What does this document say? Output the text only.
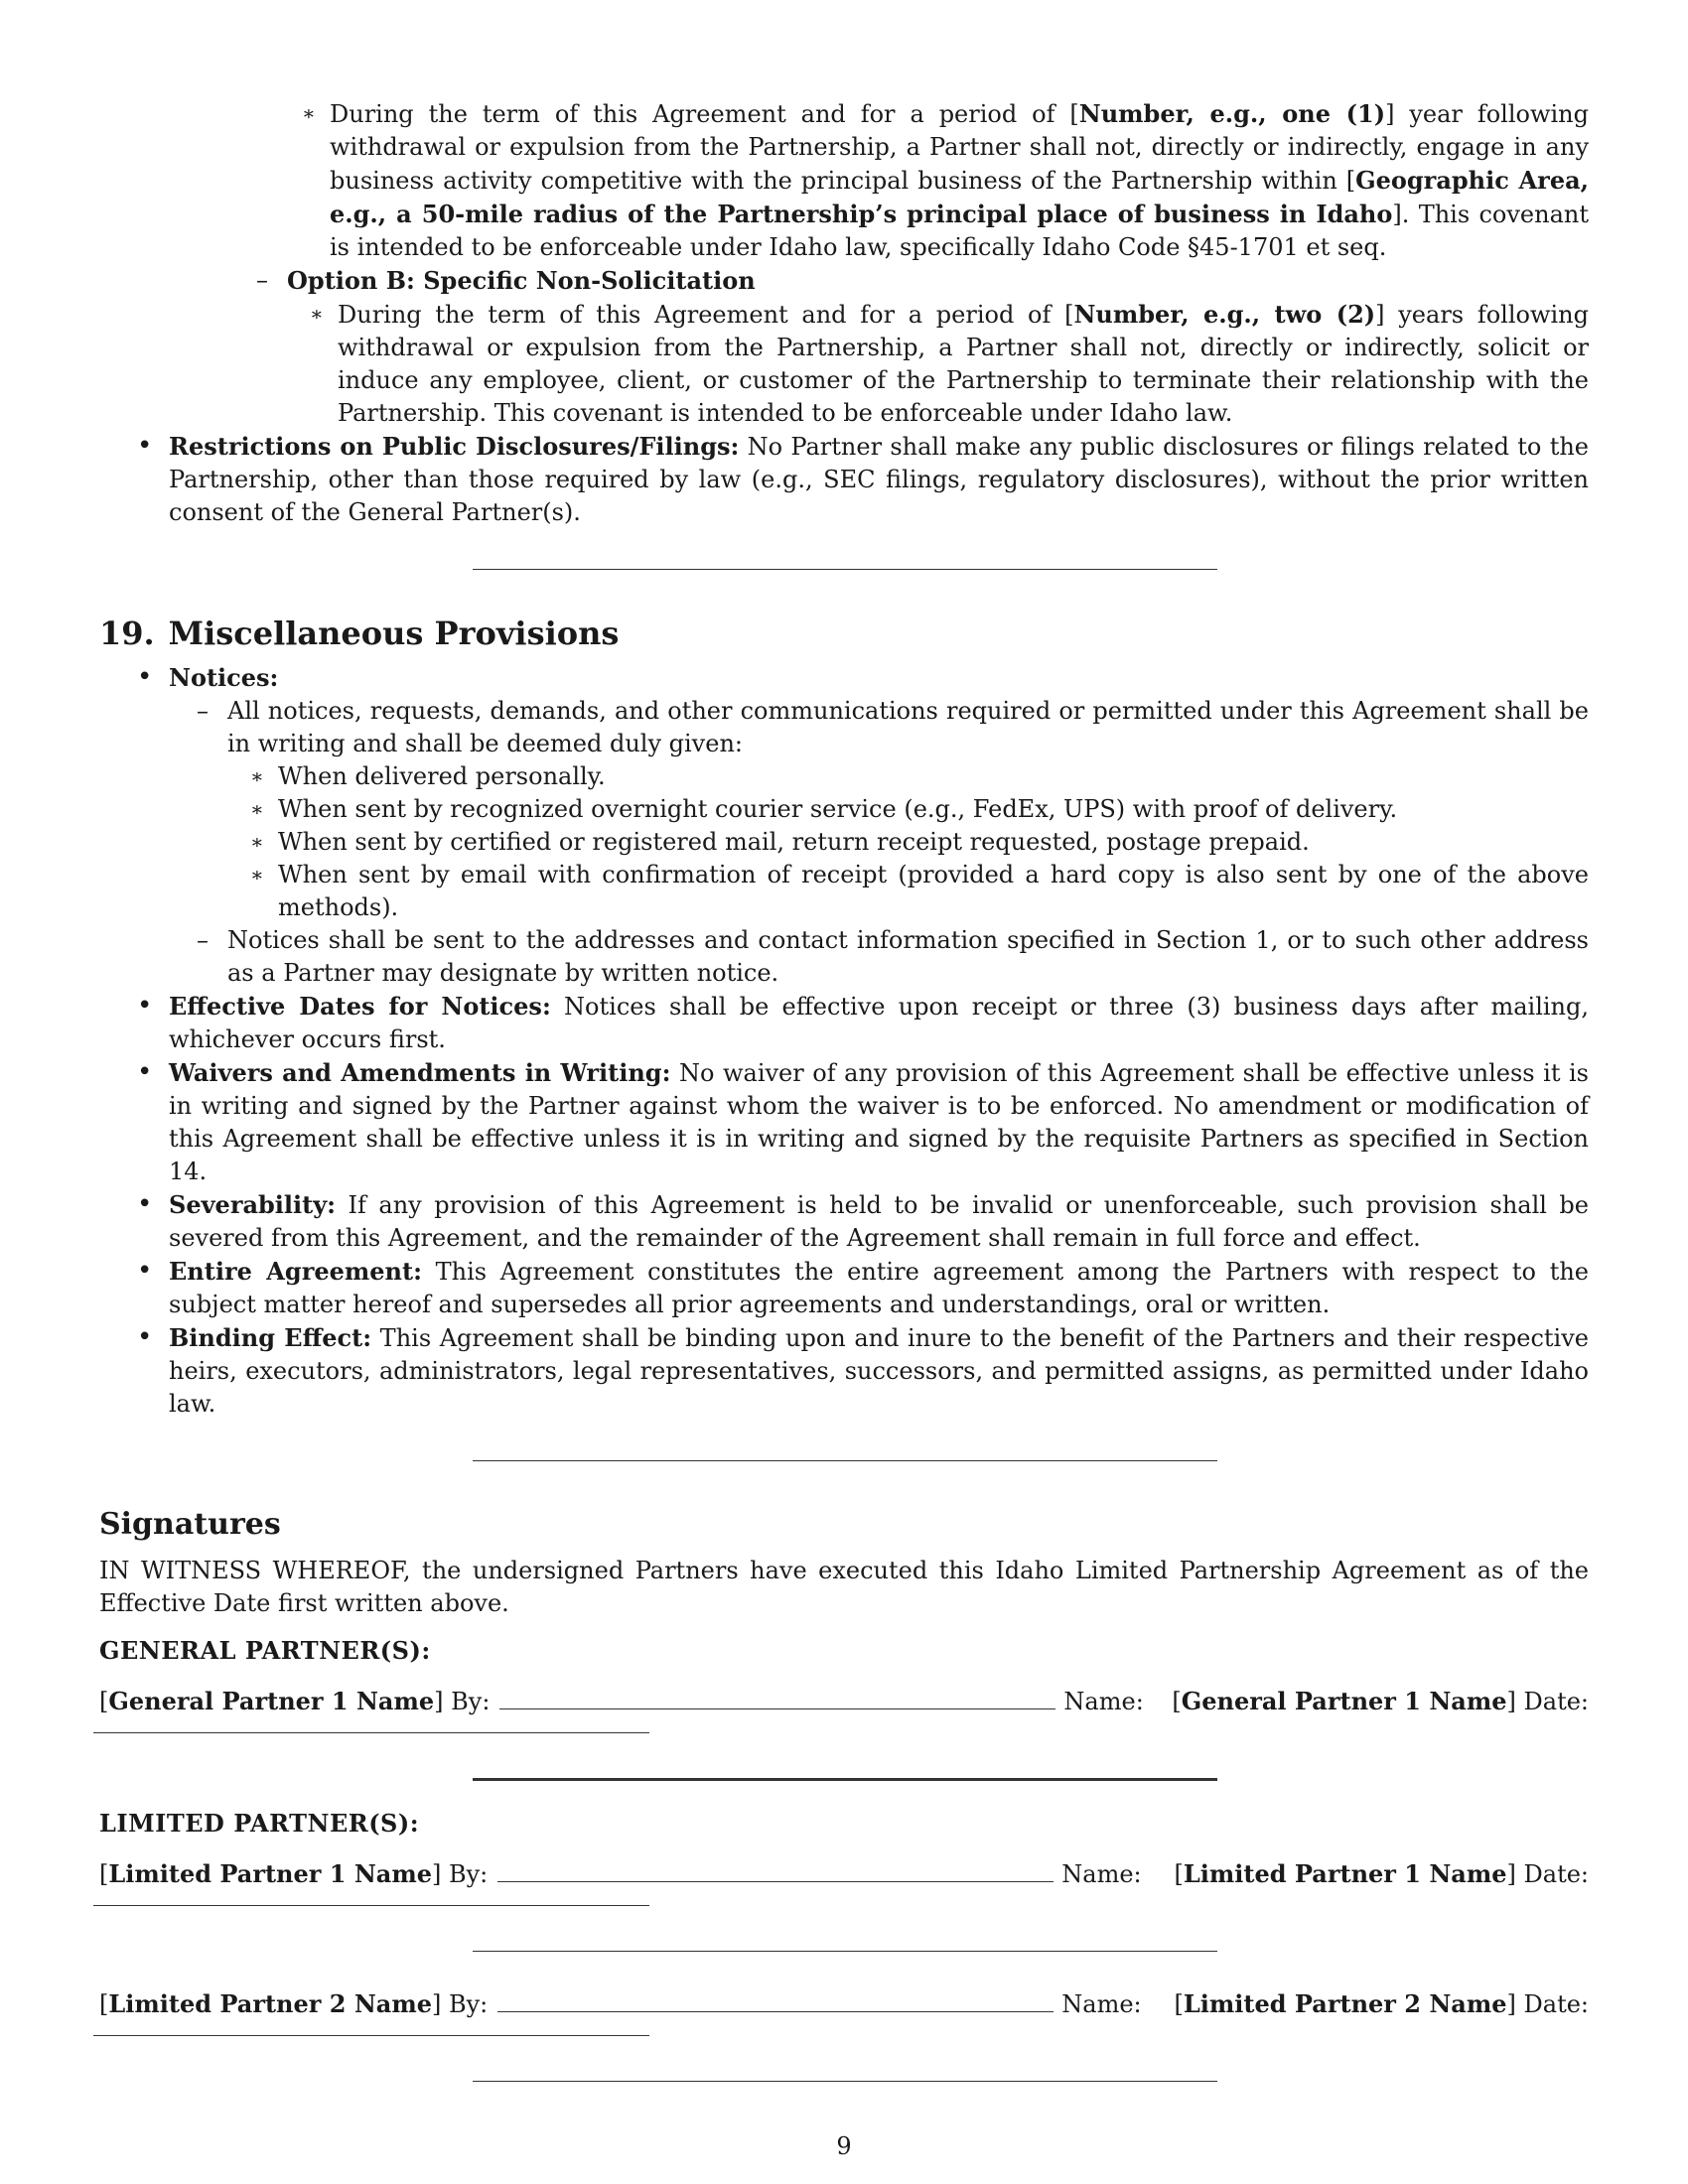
∗ During the term of this Agreement and for a period of [Number, e.g., one (1)] year following withdrawal or expulsion from the Partnership, a Partner shall not, directly or indirectly, engage in any business activity competitive with the principal business of the Partnership within [Geographic Area, e.g., a 50-mile radius of the Partnership’s principal place of business in Idaho]. This covenant is intended to be enforceable under Idaho law, specifically Idaho Code §45-1701 et seq.
– Option B: Specific Non-Solicitation
∗ During the term of this Agreement and for a period of [Number, e.g., two (2)] years following withdrawal or expulsion from the Partnership, a Partner shall not, directly or indirectly, solicit or induce any employee, client, or customer of the Partnership to terminate their relationship with the Partnership. This covenant is intended to be enforceable under Idaho law.
• Restrictions on Public Disclosures/Filings: No Partner shall make any public disclosures or filings related to the Partnership, other than those required by law (e.g., SEC filings, regulatory disclosures), without the prior written consent of the General Partner(s).
19. Miscellaneous Provisions
• Notices:
– All notices, requests, demands, and other communications required or permitted under this Agreement shall be in writing and shall be deemed duly given:
∗ When delivered personally.
∗ When sent by recognized overnight courier service (e.g., FedEx, UPS) with proof of delivery.
∗ When sent by certified or registered mail, return receipt requested, postage prepaid.
∗ When sent by email with confirmation of receipt (provided a hard copy is also sent by one of the above methods).
– Notices shall be sent to the addresses and contact information specified in Section 1, or to such other address as a Partner may designate by written notice.
• Effective Dates for Notices: Notices shall be effective upon receipt or three (3) business days after mailing, whichever occurs first.
• Waivers and Amendments in Writing: No waiver of any provision of this Agreement shall be effective unless it is in writing and signed by the Partner against whom the waiver is to be enforced. No amendment or modification of this Agreement shall be effective unless it is in writing and signed by the requisite Partners as specified in Section 14.
• Severability: If any provision of this Agreement is held to be invalid or unenforceable, such provision shall be severed from this Agreement, and the remainder of the Agreement shall remain in full force and effect.
• Entire Agreement: This Agreement constitutes the entire agreement among the Partners with respect to the subject matter hereof and supersedes all prior agreements and understandings, oral or written.
• Binding Effect: This Agreement shall be binding upon and inure to the benefit of the Partners and their respective heirs, executors, administrators, legal representatives, successors, and permitted assigns, as permitted under Idaho law.
Signatures

IN WITNESS WHEREOF, the undersigned Partners have executed this Idaho Limited Partnership Agreement as of the Effective Date first written above.

GENERAL PARTNER(S):
[General Partner 1 Name] By:	Name: [General Partner 1 Name] Date:
LIMITED PARTNER(S):
[Limited Partner 1 Name] By:	Name: [Limited Partner 1 Name] Date:
[Limited Partner 2 Name] By:	Name: [Limited Partner 2 Name] Date:
9
